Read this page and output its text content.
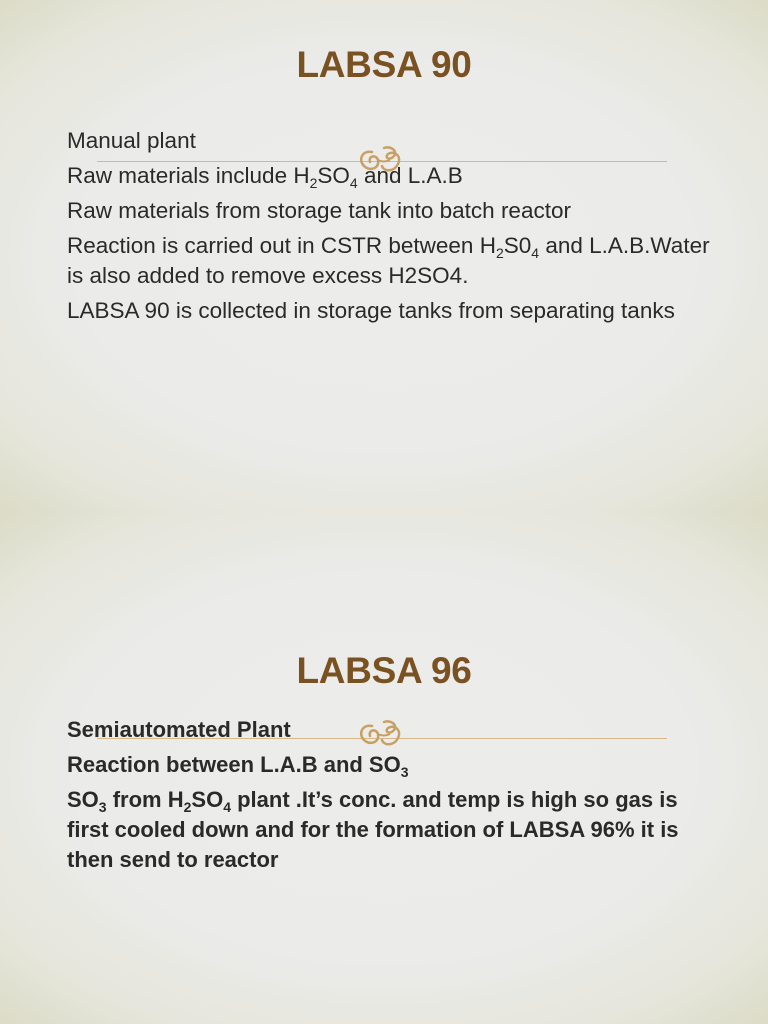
LABSA 90
Manual plant
Raw materials include $H_2SO_4$ and L.A.B
Raw materials from storage tank into batch reactor
Reaction is carried out in CSTR between $H_2S0_4$ and L.A.B.Water is also added to remove excess H2SO4.
LABSA 90 is collected in storage tanks from separating tanks
LABSA 96
Semiautomated Plant
Reaction between L.A.B and $SO_3$
$SO_3$ from $H_2SO_4$ plant .It’s conc. and temp is high so gas is first cooled down and for the formation of LABSA 96% it is then send to reactor
